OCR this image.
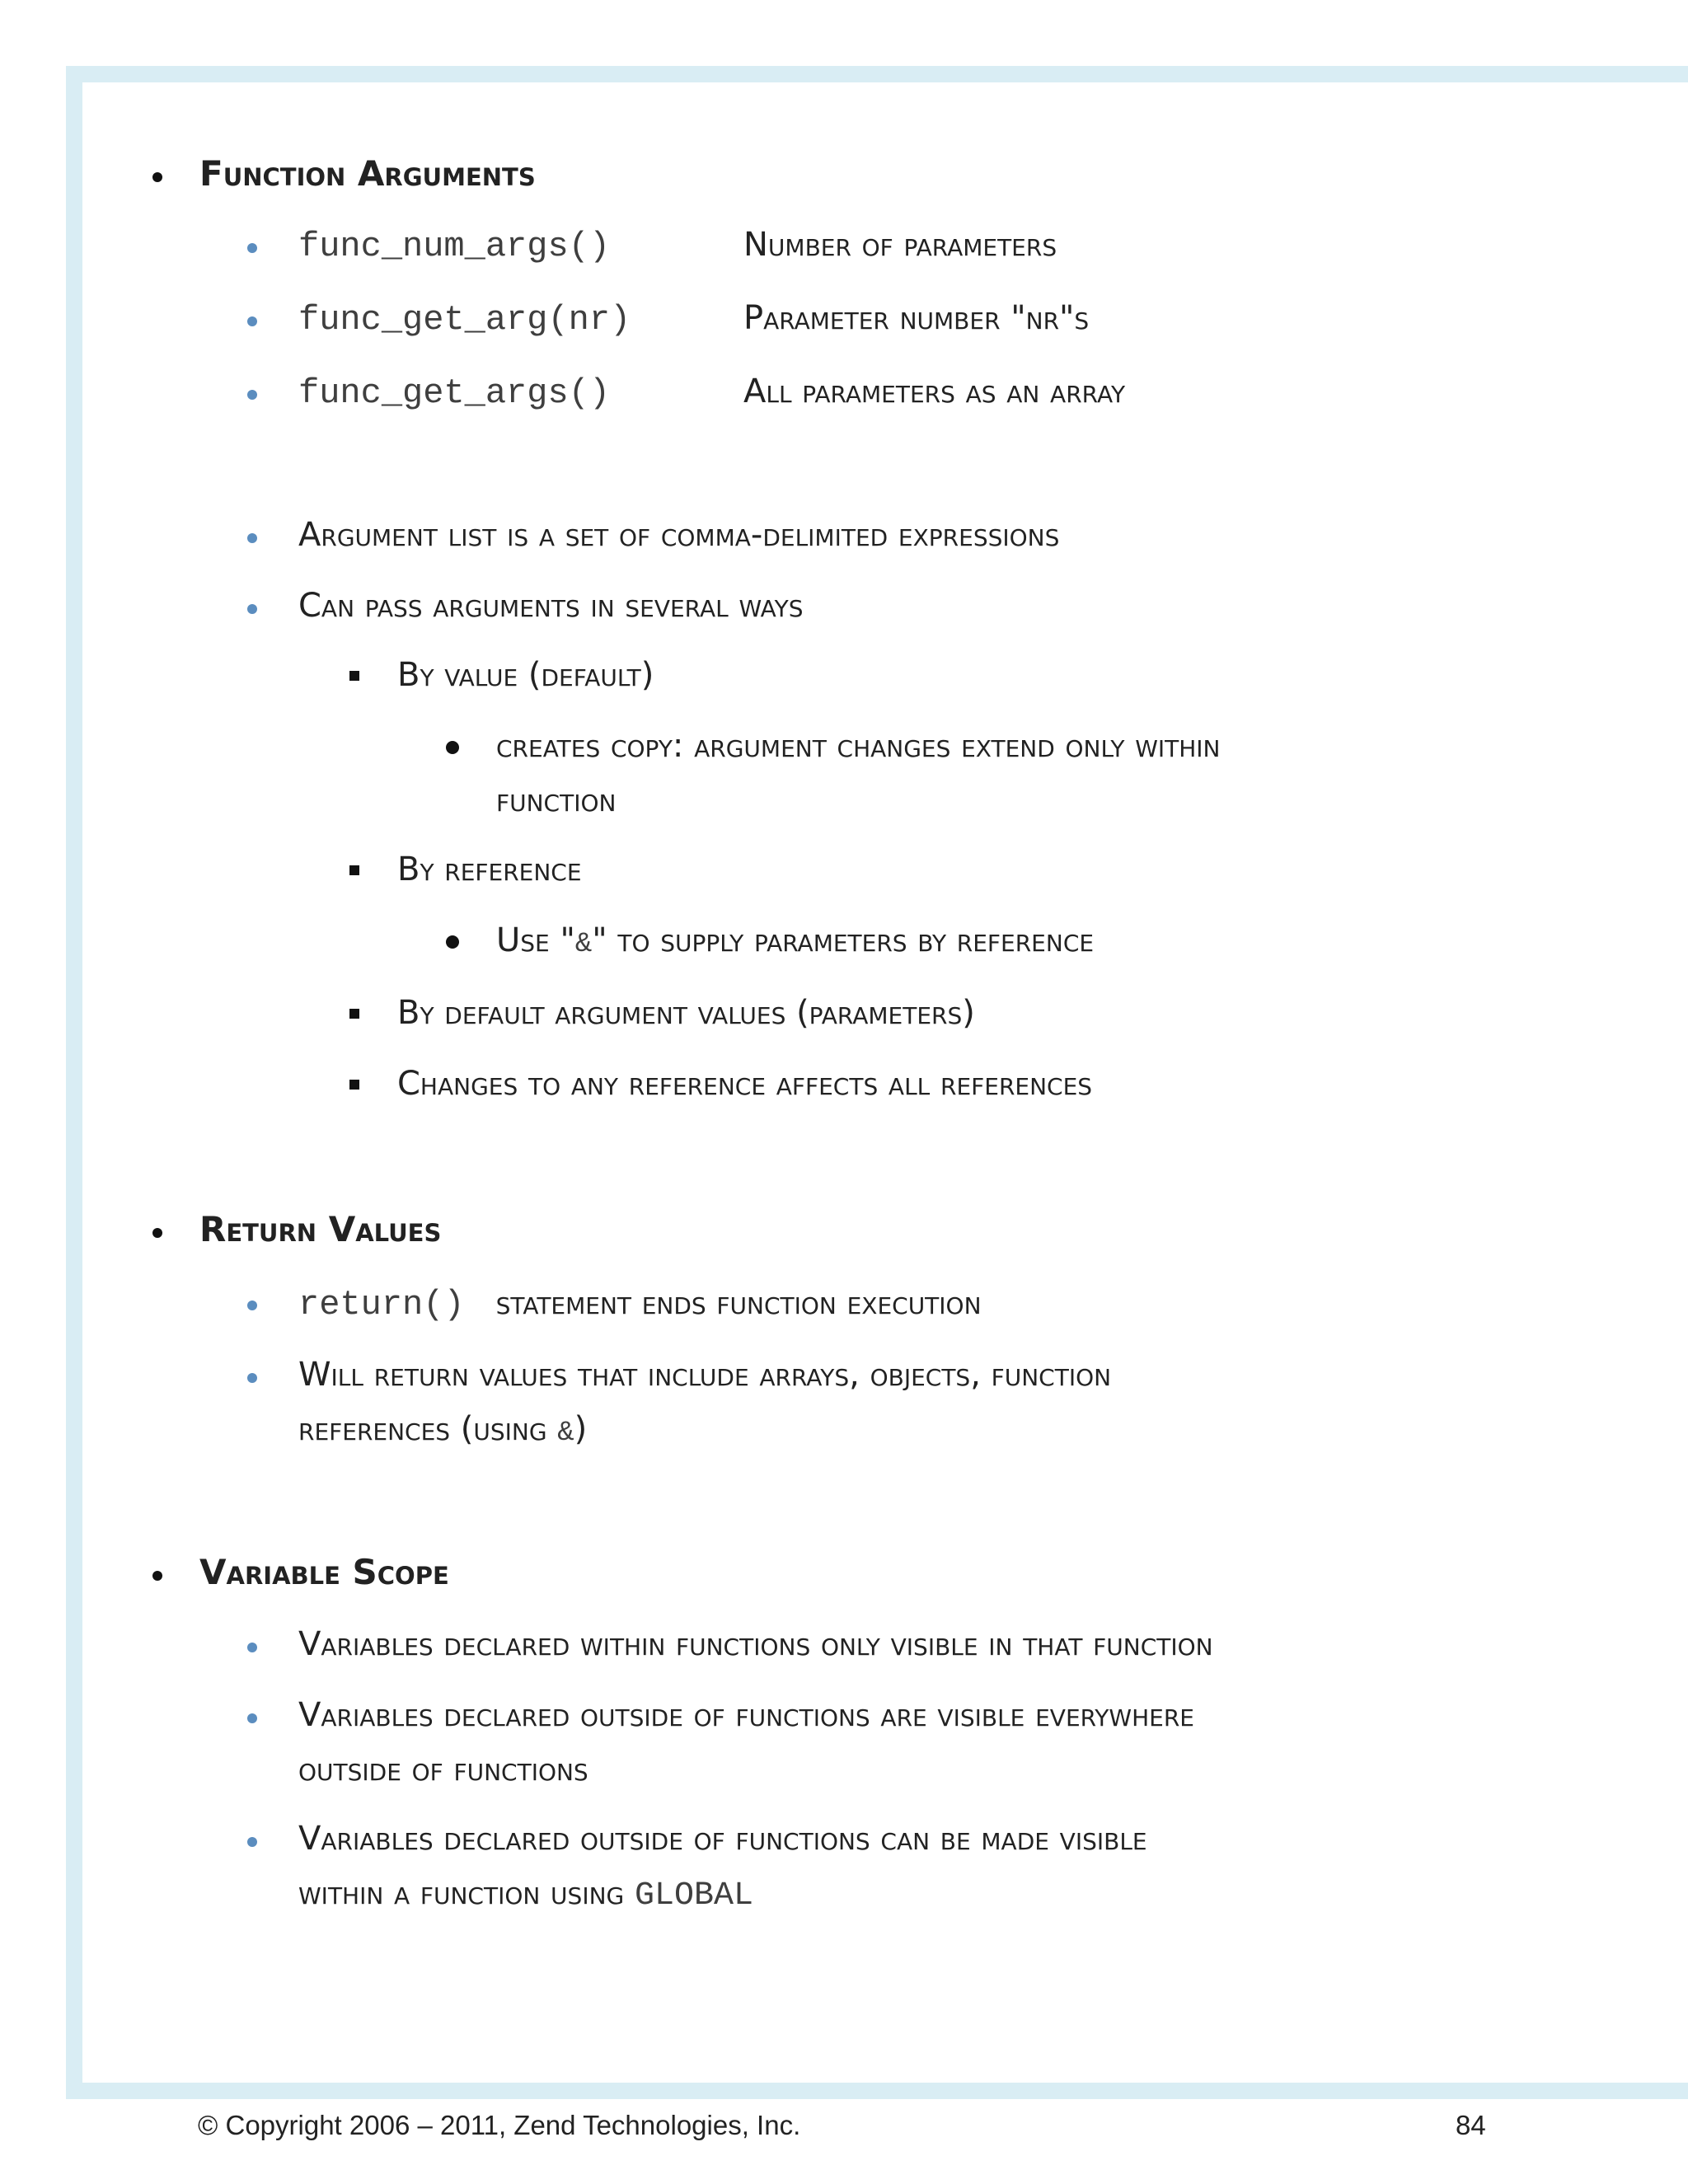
Function Arguments
func_num_args()	Number of parameters
func_get_arg(nr)	Parameter number "nr"s
func_get_args()	All parameters as an array
Argument list is a set of comma-delimited expressions
Can pass arguments in several ways
By value (default)
creates copy: argument changes extend only within
function
By reference
Use "&" to supply parameters by reference
By default argument values (parameters)
Changes to any reference affects all references
Return Values
return() statement ends function execution
Will return values that include arrays, objects, function
references (using &)
Variable Scope
Variables declared within functions only visible in that function
Variables declared outside of functions are visible everywhere
outside of functions
Variables declared outside of functions can be made visible
within a function using GLOBAL
© Copyright 2006 – 2011, Zend Technologies, Inc.	84
